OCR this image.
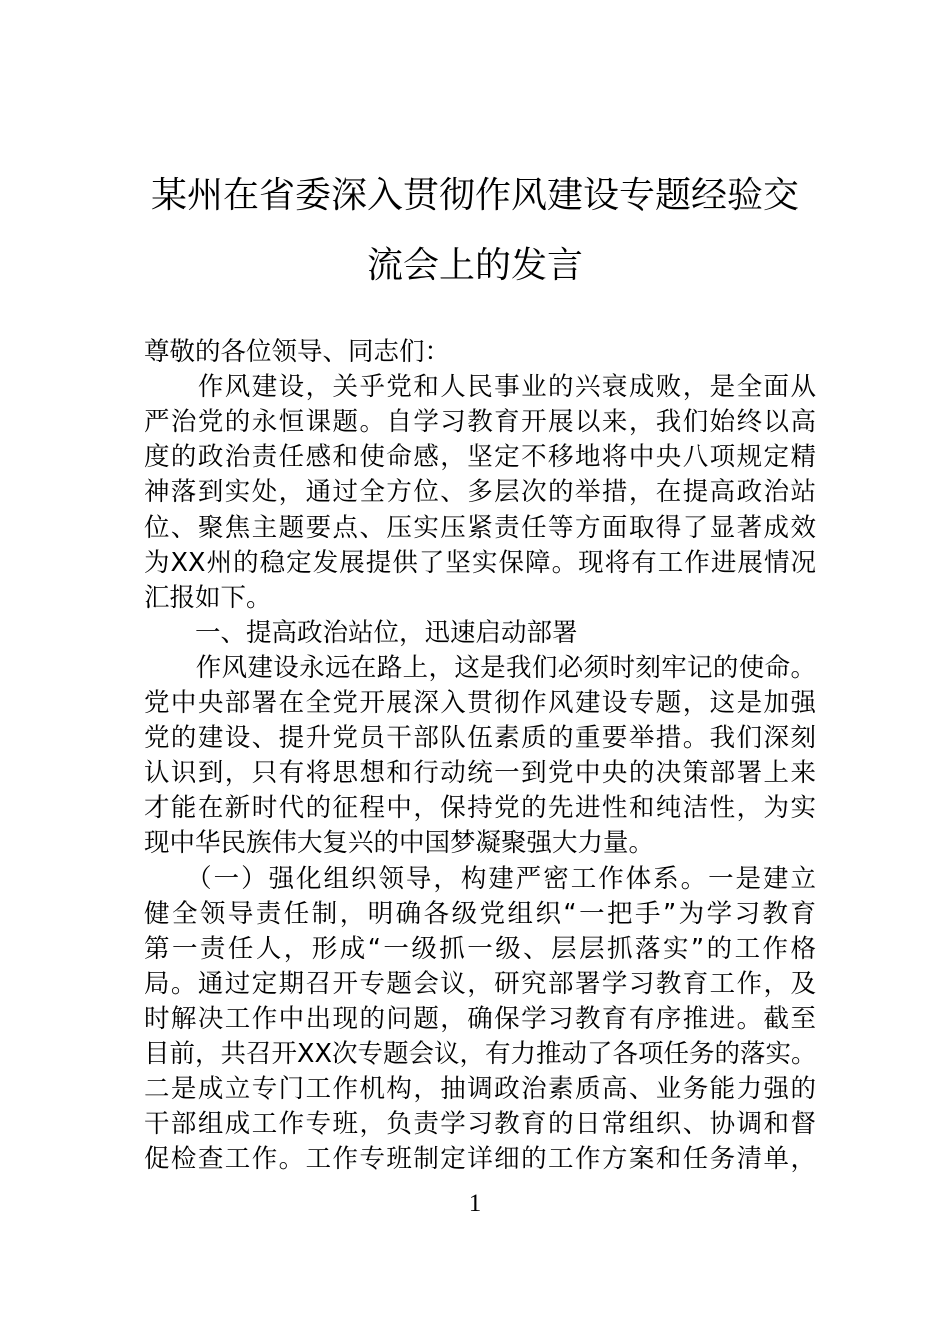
某州在省委深入贯彻作风建设专题经验交
流会上的发言
尊敬的各位领导、同志们：
　　作风建设，关乎党和人民事业的兴衰成败，是全面从
严治党的永恒课题。自学习教育开展以来，我们始终以高
度的政治责任感和使命感，坚定不移地将中央八项规定精
神落到实处，通过全方位、多层次的举措，在提高政治站
位、聚焦主题要点、压实压紧责任等方面取得了显著成效
为XX州的稳定发展提供了坚实保障。现将有工作进展情况
汇报如下。
　　一、提高政治站位，迅速启动部署
　　作风建设永远在路上，这是我们必须时刻牢记的使命。
党中央部署在全党开展深入贯彻作风建设专题，这是加强
党的建设、提升党员干部队伍素质的重要举措。我们深刻
认识到，只有将思想和行动统一到党中央的决策部署上来
才能在新时代的征程中，保持党的先进性和纯洁性，为实
现中华民族伟大复兴的中国梦凝聚强大力量。
　　（一）强化组织领导，构建严密工作体系。一是建立
健全领导责任制，明确各级党组织“一把手”为学习教育
第一责任人，形成“一级抓一级、层层抓落实”的工作格
局。通过定期召开专题会议，研究部署学习教育工作，及
时解决工作中出现的问题，确保学习教育有序推进。截至
目前，共召开XX次专题会议，有力推动了各项任务的落实。
二是成立专门工作机构，抽调政治素质高、业务能力强的
干部组成工作专班，负责学习教育的日常组织、协调和督
促检查工作。工作专班制定详细的工作方案和任务清单，
1
